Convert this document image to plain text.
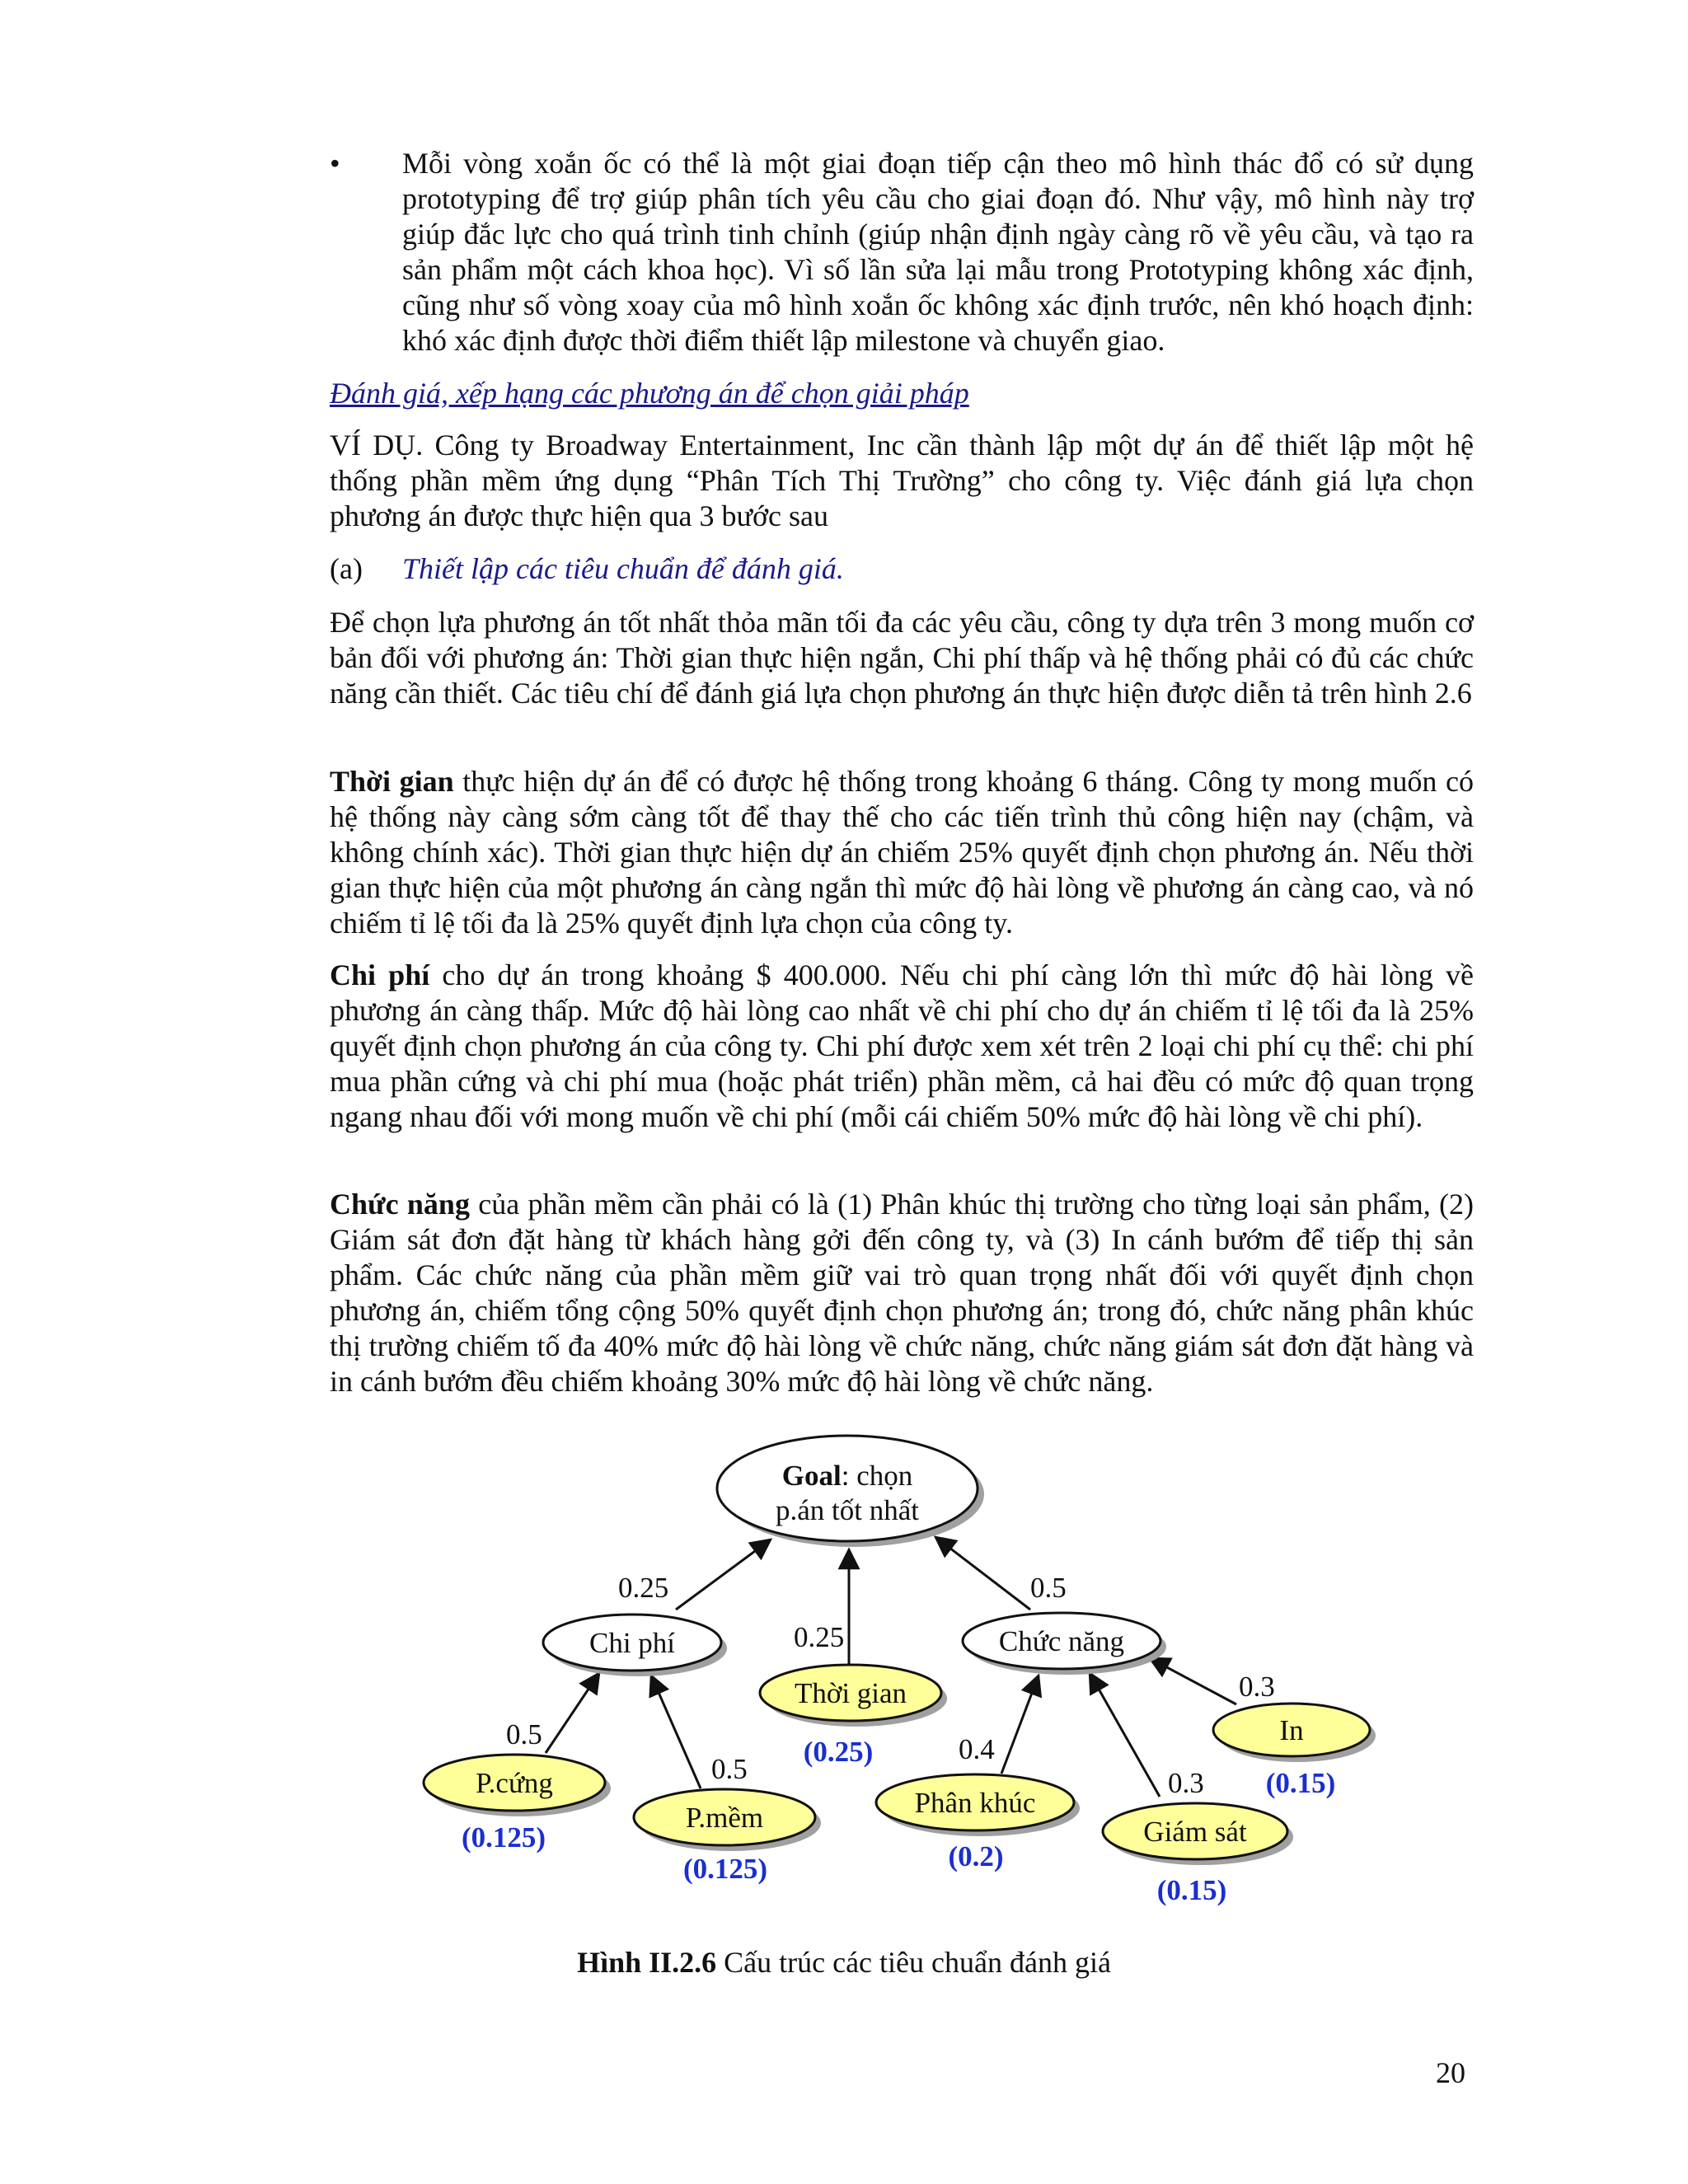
• Mỗi vòng xoắn ốc có thể là một giai đoạn tiếp cận theo mô hình thác đổ có sử dụng prototyping để trợ giúp phân tích yêu cầu cho giai đoạn đó. Như vậy, mô hình này trợ giúp đắc lực cho quá trình tinh chỉnh (giúp nhận định ngày càng rõ về yêu cầu, và tạo ra sản phẩm một cách khoa học). Vì số lần sửa lại mẫu trong Prototyping không xác định, cũng như số vòng xoay của mô hình xoắn ốc không xác định trước, nên khó hoạch định: khó xác định được thời điểm thiết lập milestone và chuyển giao.
Đánh giá, xếp hạng các phương án để chọn giải pháp
VÍ DỤ. Công ty Broadway Entertainment, Inc cần thành lập một dự án để thiết lập một hệ thống phần mềm ứng dụng “Phân Tích Thị Trường” cho công ty. Việc đánh giá lựa chọn phương án được thực hiện qua 3 bước sau
(a) Thiết lập các tiêu chuẩn để đánh giá.
Để chọn lựa phương án tốt nhất thỏa mãn tối đa các yêu cầu, công ty dựa trên 3 mong muốn cơ bản đối với phương án: Thời gian thực hiện ngắn, Chi phí thấp và hệ thống phải có đủ các chức năng cần thiết. Các tiêu chí để đánh giá lựa chọn phương án thực hiện được diễn tả trên hình 2.6
Thời gian thực hiện dự án để có được hệ thống trong khoảng 6 tháng. Công ty mong muốn có hệ thống này càng sớm càng tốt để thay thế cho các tiến trình thủ công hiện nay (chậm, và không chính xác). Thời gian thực hiện dự án chiếm 25% quyết định chọn phương án. Nếu thời gian thực hiện của một phương án càng ngắn thì mức độ hài lòng về phương án càng cao, và nó chiếm tỉ lệ tối đa là 25% quyết định lựa chọn của công ty.
Chi phí cho dự án trong khoảng $ 400.000. Nếu chi phí càng lớn thì mức độ hài lòng về phương án càng thấp. Mức độ hài lòng cao nhất về chi phí cho dự án chiếm tỉ lệ tối đa là 25% quyết định chọn phương án của công ty. Chi phí được xem xét trên 2 loại chi phí cụ thể: chi phí mua phần cứng và chi phí mua (hoặc phát triển) phần mềm, cả hai đều có mức độ quan trọng ngang nhau đối với mong muốn về chi phí (mỗi cái chiếm 50% mức độ hài lòng về chi phí).
Chức năng của phần mềm cần phải có là (1) Phân khúc thị trường cho từng loại sản phẩm, (2) Giám sát đơn đặt hàng từ khách hàng gởi đến công ty, và (3) In cánh bướm để tiếp thị sản phẩm. Các chức năng của phần mềm giữ vai trò quan trọng nhất đối với quyết định chọn phương án, chiếm tổng cộng 50% quyết định chọn phương án; trong đó, chức năng phân khúc thị trường chiếm tố đa 40% mức độ hài lòng về chức năng, chức năng giám sát đơn đặt hàng và in cánh bướm đều chiếm khoảng 30% mức độ hài lòng về chức năng.
Goal: chọn
p.án tốt nhất
Chi phí	Chức năng
Thời gian
P.cứng
P.mềm	Phân khúc
Giám sát
In
0.25
0.25
0.5
0.5
0.5
0.4
0.3
0.3
(0.25)
(0.125)
(0.125)	(0.2)
(0.15)
(0.15)
Hình II.2.6 Cấu trúc các tiêu chuẩn đánh giá
20
